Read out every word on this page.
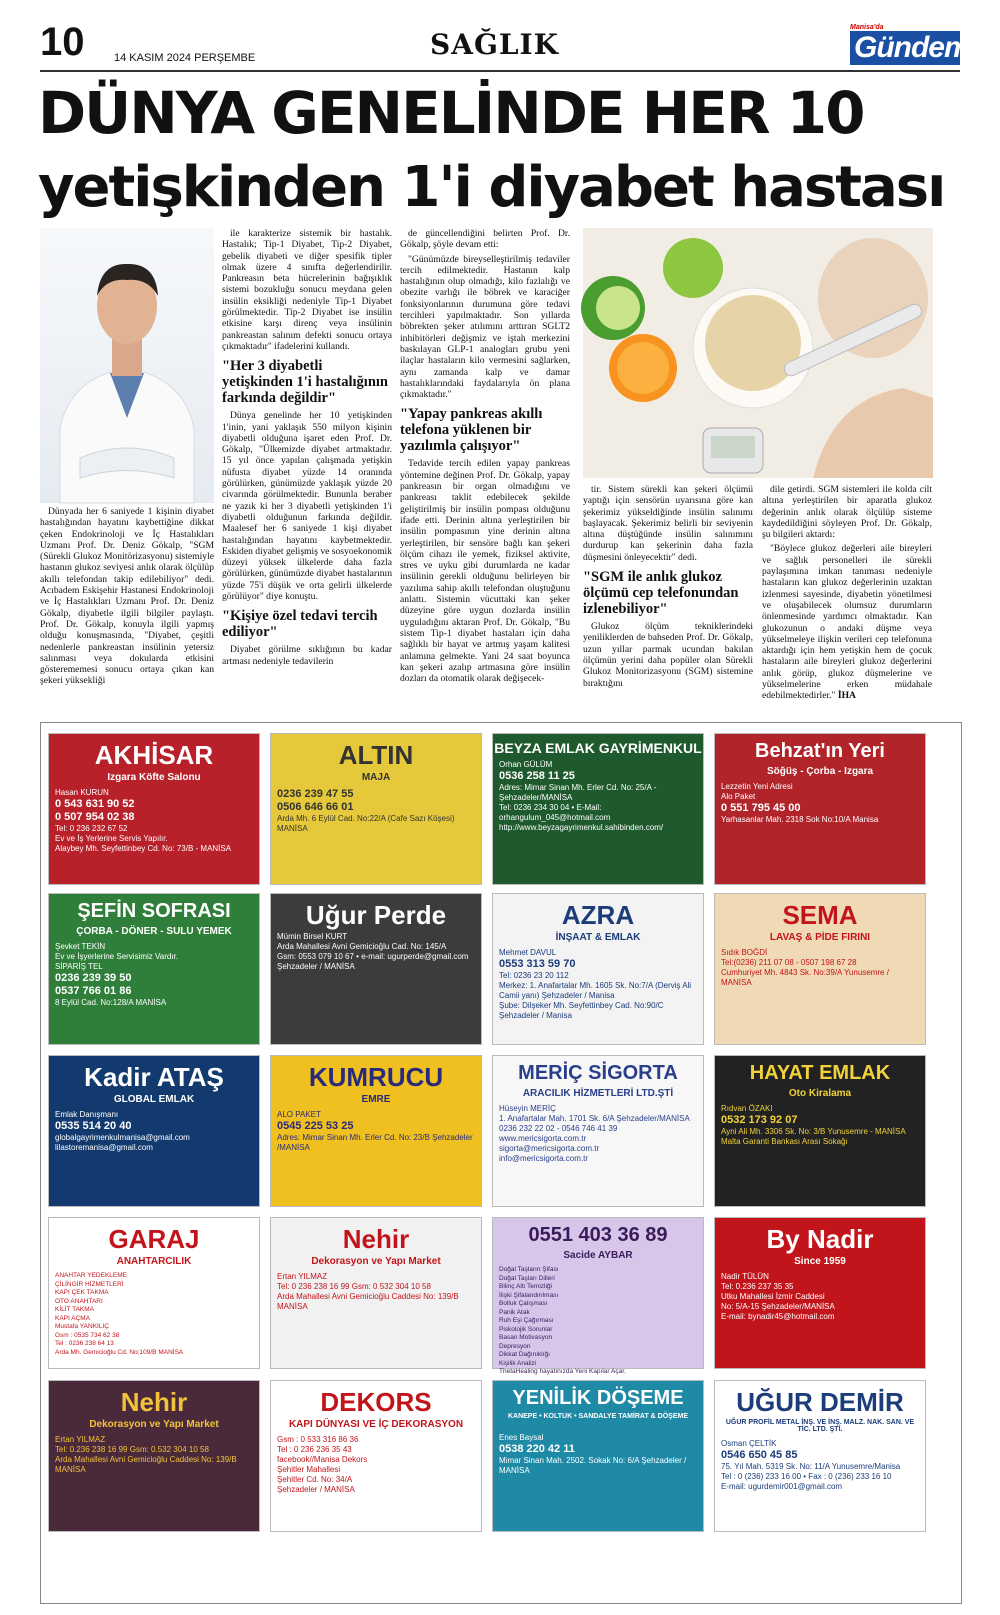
10	14 KASIM 2024 PERŞEMBE	SAĞLIK
Manisa'da
Gündem
DÜNYA GENELİNDE HER 10
yetişkinden 1'i diyabet hastası

Dünyada her 6 saniyede 1 kişinin diyabet hastalığından hayatını kaybettiğine dikkat çeken Endokrinoloji ve İç Hastalıkları Uzmanı Prof. Dr. Deniz Gökalp, "SGM (Sürekli Glukoz Monitörizasyonu) sistemiyle hastanın glukoz seviyesi anlık olarak ölçülüp akıllı telefondan takip edilebiliyor" dedi. Acıbadem Eskişehir Hastanesi Endokrinoloji ve İç Hastalıkları Uzmanı Prof. Dr. Deniz Gökalp, diyabetle ilgili bilgiler paylaştı. Prof. Dr. Gökalp, konuyla ilgili yapmış olduğu konuşmasında, "Diyabet, çeşitli nedenlerle pankreastan insülinin yetersiz salınması veya dokularda etkisini gösterememesi sonucu ortaya çıkan kan şekeri yüksekliği

ile karakterize sistemik bir hastalık. Hastalık; Tip-1 Diyabet, Tip-2 Diyabet, gebelik diyabeti ve diğer spesifik tipler olmak üzere 4 sınıfta değerlendirilir. Pankreasın beta hücrelerinin bağışıklık sistemi bozukluğu sonucu meydana gelen insülin eksikliği nedeniyle Tip-1 Diyabet görülmektedir. Tip-2 Diyabet ise insülin etkisine karşı direnç veya insülinin pankreastan salınım defekti sonucu ortaya çıkmaktadır" ifadelerini kullandı.

"Her 3 diyabetli yetişkinden 1'i hastalığının farkında değildir"

Dünya genelinde her 10 yetişkinden 1'inin, yani yaklaşık 550 milyon kişinin diyabetli olduğuna işaret eden Prof. Dr. Gökalp, "Ülkemizde diyabet artmaktadır. 15 yıl önce yapılan çalışmada yetişkin nüfusta diyabet yüzde 14 oranında görülürken, günümüzde yaklaşık yüzde 20 civarında görülmektedir. Bununla beraber ne yazık ki her 3 diyabetli yetişkinden 1'i diyabetli olduğunun farkında değildir. Maalesef her 6 saniyede 1 kişi diyabet hastalığından hayatını kaybetmektedir. Eskiden diyabet gelişmiş ve sosyoekonomik düzeyi yüksek ülkelerde daha fazla görülürken, günümüzde diyabet hastalarının yüzde 75'i düşük ve orta gelirli ülkelerde görülüyor" diye konuştu.

"Kişiye özel tedavi tercih ediliyor"

Diyabet görülme sıklığının bu kadar artması nedeniyle tedavilerin

de güncellendiğini belirten Prof. Dr. Gökalp, şöyle devam etti:

"Günümüzde bireyselleştirilmiş tedaviler tercih edilmektedir. Hastanın kalp hastalığının olup olmadığı, kilo fazlalığı ve obezite varlığı ile böbrek ve karaciğer fonksiyonlarının durumuna göre tedavi tercihleri yapılmaktadır. Son yıllarda böbrekten şeker atılımını arttıran SGLT2 inhibitörleri değişmiz ve iştah merkezini baskılayan GLP-1 analogları grubu yeni ilaçlar hastaların kilo vermesini sağlarken, aynı zamanda kalp ve damar hastalıklarındaki faydalarıyla ön plana çıkmaktadır."

"Yapay pankreas akıllı telefona yüklenen bir yazılımla çalışıyor"

Tedavide tercih edilen yapay pankreas yöntemine değinen Prof. Dr. Gökalp, yapay pankreasın bir organ olmadığını ve pankreası taklit edebilecek şekilde geliştirilmiş bir insülin pompası olduğunu ifade etti. Derinin altına yerleştirilen bir insülin pompasının yine derinin altına yerleştirilen, bir sensöre bağlı kan şekeri ölçüm cihazı ile yemek, fiziksel aktivite, stres ve uyku gibi durumlarda ne kadar insülinin gerekli olduğunu belirleyen bir yazılıma sahip akıllı telefondan oluştuğunu anlattı. Sistemin vücuttaki kan şeker düzeyine göre uygun dozlarda insülin uyguladığını aktaran Prof. Dr. Gökalp, "Bu sistem Tip-1 diyabet hastaları için daha sağlıklı bir hayat ve artmış yaşam kalitesi anlamına gelmekte. Yani 24 saat boyunca kan şekeri azalıp artmasına göre insülin dozları da otomatik olarak değişecek-

tir. Sistem sürekli kan şekeri ölçümü yaptığı için sensörün uyarısına göre kan şekerimiz yükseldiğinde insülin salınımı başlayacak. Şekerimiz belirli bir seviyenin altına düştüğünde insülin salınımını durdurup kan şekerinin daha fazla düşmesini önleyecektir" dedi.

"SGM ile anlık glukoz ölçümü cep telefonundan izlenebiliyor"

Glukoz ölçüm tekniklerindeki yeniliklerden de bahseden Prof. Dr. Gökalp, uzun yıllar parmak ucundan bakılan ölçümün yerini daha popüler olan Sürekli Glukoz Monitorizasyonu (SGM) sistemine bıraktığını

dile getirdi. SGM sistemleri ile kolda cilt altına yerleştirilen bir aparatla glukoz değerinin anlık olarak ölçülüp sisteme kaydedildiğini söyleyen Prof. Dr. Gökalp, şu bilgileri aktardı:

"Böylece glukoz değerleri aile bireyleri ve sağlık personelleri ile sürekli paylaşımına imkan tanıması nedeniyle hastaların kan glukoz değerlerinin uzaktan izlenmesi sayesinde, diyabetin yönetilmesi ve oluşabilecek olumsuz durumların önlenmesinde yardımcı olmaktadır. Kan glukozunun o andaki düşme veya yükselmeleye ilişkin verileri cep telefonuna aktardığı için hem yetişkin hem de çocuk hastaların aile bireyleri glukoz değerlerini anlık görüp, glukoz düşmelerine ve yükselmelerine erken müdahale edebilmektedirler." İHA

AKHİSAR
Izgara Köfte Salonu
Hasan KURUN
0 543 631 90 52
0 507 954 02 38
Tel: 0 236 232 67 52
Ev ve İş Yerlerine Servis Yapılır.
Alaybey Mh. Seyfettinbey Cd. No: 73/B - MANİSA
ALTIN
MAJA
0236 239 47 55
0506 646 66 01
Arda Mh. 6 Eylül Cad. No:22/A (Cafe Sazı Köşesi) MANİSA
BEYZA EMLAK GAYRİMENKUL
Orhan GÜLÜM
0536 258 11 25
Adres: Mimar Sinan Mh. Erler Cd. No: 25/A - Şehzadeler/MANİSA
Tel: 0236 234 30 04 • E-Mail: orhangulum_045@hotmail.com
http://www.beyzagayrimenkul.sahibinden.com/
Behzat'ın Yeri
Söğüş - Çorba - Izgara
Lezzetin Yeni Adresi
Alo Paket
0 551 795 45 00
Yarhasanlar Mah. 2318 Sok No:10/A Manisa
ŞEFİN SOFRASI
ÇORBA - DÖNER - SULU YEMEK
Şevket TEKİN
Ev ve İşyerlerine Servisimiz Vardır.
SİPARİŞ TEL
0236 239 39 50
0537 766 01 86
8 Eylül Cad. No:128/A MANİSA
Uğur Perde
Mümin Birsel KURT
Arda Mahallesi Avni Gemicioğlu Cad. No: 145/A
Gsm: 0553 079 10 67 • e-mail: ugurperde@gmail.com
Şehzadeler / MANİSA
AZRA
İNŞAAT & EMLAK
Mehmet DAVUL
0553 313 59 70
Tel: 0236 23 20 112
Merkez: 1. Anafartalar Mh. 1605 Sk. No:7/A (Derviş Ali Camii yanı) Şehzadeler / Manisa
Şube: Dilşeker Mh. Seyfettinbey Cad. No:90/C Şehzadeler / Manisa
SEMA
LAVAŞ & PİDE FIRINI
Sıdık BOĞDİ
Tel:(0236) 211 07 08 - 0507 198 67 28
Cumhuriyet Mh. 4843 Sk. No:39/A Yunusemre / MANİSA
Kadir ATAŞ
GLOBAL EMLAK
Emlak Danışmanı
0535 514 20 40
globalgayrimenkulmanisa@gmail.com
lilastoremanisa@gmail.com
KUMRUCU
EMRE
ALO PAKET
0545 225 53 25
Adres: Mimar Sinan Mh. Erler Cd. No: 23/B Şehzadeler /MANİSA
MERİÇ SİGORTA
ARACILIK HİZMETLERİ LTD.ŞTİ
Hüseyin MERİÇ
1. Anafartalar Mah. 1701 Sk. 6/A Şehzadeler/MANİSA
0236 232 22 02 - 0546 746 41 39
www.mericsigorta.com.tr
sigorta@mericsigorta.com.tr
info@mericsigorta.com.tr
HAYAT EMLAK
Oto Kiralama
Rıdvan ÖZAKI
0532 173 92 07
Ayni Ali Mh. 3306 Sk. No: 3/B Yunusemre - MANİSA
Malta Garanti Bankası Arası Sokağı
GARAJ
ANAHTARCILIK
ANAHTAR YEDEKLEME
ÇİLİNGİR HİZMETLERİ
KAPI ÇEK TAKMA
OTO ANAHTARI
KİLİT TAKMA
KAPI AÇMA
Mustafa YANKILIÇ
Gsm : 0535 734 62 38
Tel : 0236 238 64 13
Arda Mh. Gemicioğlu Cd. No:109/B MANİSA
Nehir
Dekorasyon ve Yapı Market
Ertan YILMAZ
Tel: 0 236 238 16 99 Gsm: 0 532 304 10 58
Arda Mahallesi Avni Gemicioğlu Caddesi No: 139/B MANİSA
0551 403 36 89
Sacide AYBAR
Doğal Taşların Şifası
Doğal Taşları Dilleri
Bilinç Altı Temizliği
İlişki Şifalandırılması
Bolluk Çalışması
Panik Atak
Ruh Eşi Çağırması
Piskolojik Sorunlar
Basan Motivasyon
Depresyon
Dikkat Dağınıklığı
Kişilik Analizi
ThetaHealing hayatınızda Yeni Kapılar Açar.
By Nadir
Since 1959
Nadir TÜLÜN
Tel: 0.236 237 35 35
Utku Mahallesi İzmir Caddesi
No: 5/A-15 Şehzadeler/MANİSA
E-mail: bynadir45@hotmail.com
Nehir
Dekorasyon ve Yapı Market
Ertan YILMAZ
Tel: 0.236 238 16 99 Gsm: 0.532 304 10 58
Arda Mahallesi Avni Gemicioğlu Caddesi No: 139/B MANİSA
DEKORS
KAPI DÜNYASI VE İÇ DEKORASYON
Gsm : 0 533 316 86 36
Tel : 0 236 236 35 43
facebook//Manisa Dekors
Şehitler Mahallesi
Şehitler Cd. No: 34/A
Şehzadeler / MANİSA
YENİLİK DÖŞEME
KANEPE • KOLTUK • SANDALYE TAMİRAT & DÖŞEME
Enes Baysal
0538 220 42 11
Mimar Sinan Mah. 2502. Sokak No: 6/A Şehzadeler / MANİSA
UĞUR DEMİR
UĞUR PROFİL METAL İNŞ. VE İNŞ. MALZ. NAK. SAN. VE TİC. LTD. ŞTİ.
Osman ÇELTİK
0546 650 45 85
75. Yıl Mah. 5319 Sk. No: 11/A Yunusemre/Manisa
Tel : 0 (236) 233 16 00 • Fax : 0 (236) 233 16 10
E-mail: ugurdemir001@gmail.com
